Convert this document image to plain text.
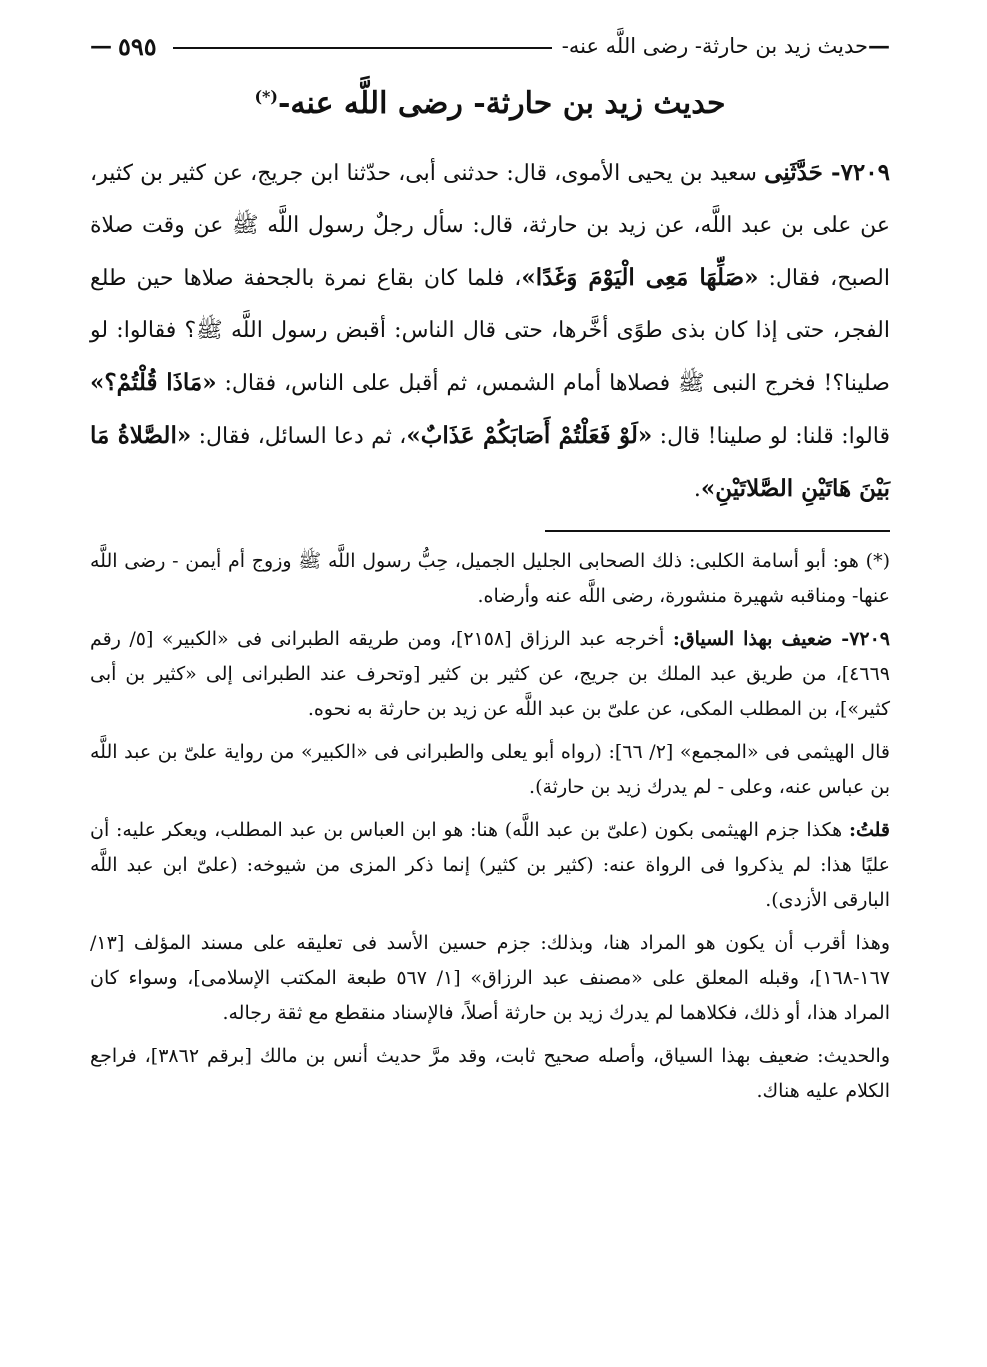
—
حديث زيد بن حارثة- رضى اللَّه عنه-
٥٩٥
—
حديث زيد بن حارثة- رضى اللَّه عنه-(*)
٧٢٠٩- حَدَّثَنِى سعيد بن يحيى الأموى، قال: حدثنى أبى، حدّثنا ابن جريج، عن كثير بن كثير، عن على بن عبد اللَّه، عن زيد بن حارثة، قال: سأل رجلٌ رسول اللَّه ﷺ عن وقت صلاة الصبح، فقال: «صَلِّهَا مَعِى الْيَوْمَ وَغَدًا»، فلما كان بقاع نمرة بالجحفة صلاها حين طلع الفجر، حتى إذا كان بذى طوًى أخَّرها، حتى قال الناس: أقبض رسول اللَّه ﷺ؟ فقالوا: لو صلينا؟! فخرج النبى ﷺ فصلاها أمام الشمس، ثم أقبل على الناس، فقال: «مَاذَا قُلْتُمْ؟» قالوا: قلنا: لو صلينا! قال: «لَوْ فَعَلْتُمْ أَصَابَكُمْ عَذَابٌ»، ثم دعا السائل، فقال: «الصَّلاةُ مَا بَيْنَ هَاتَيْنِ الصَّلاتَيْنِ».

(*) هو: أبو أسامة الكلبى: ذلك الصحابى الجليل الجميل، حِبُّ رسول اللَّه ﷺ وزوج أم أيمن - رضى اللَّه عنها- ومناقبه شهيرة منشورة، رضى اللَّه عنه وأرضاه.

٧٢٠٩- ضعيف بهذا السياق: أخرجه عبد الرزاق [٢١٥٨]، ومن طريقه الطبرانى فى «الكبير» [٥/ رقم ٤٦٦٩]، من طريق عبد الملك بن جريج، عن كثير بن كثير [وتحرف عند الطبرانى إلى «كثير بن أبى كثير»]، بن المطلب المكى، عن علىّ بن عبد اللَّه عن زيد بن حارثة به نحوه.

قال الهيثمى فى «المجمع» [٢/ ٦٦]: (رواه أبو يعلى والطبرانى فى «الكبير» من رواية علىّ بن عبد اللَّه بن عباس عنه، وعلى - لم يدرك زيد بن حارثة).

قلتُ: هكذا جزم الهيثمى بكون (علىّ بن عبد اللَّه) هنا: هو ابن العباس بن عبد المطلب، ويعكر عليه: أن عليًا هذا: لم يذكروا فى الرواة عنه: (كثير بن كثير) إنما ذكر المزى من شيوخه: (علىّ ابن عبد اللَّه البارقى الأزدى).

وهذا أقرب أن يكون هو المراد هنا، وبذلك: جزم حسين الأسد فى تعليقه على مسند المؤلف [١٣/ ١٦٧-١٦٨]، وقبله المعلق على «مصنف عبد الرزاق» [١/ ٥٦٧ طبعة المكتب الإسلامى]، وسواء كان المراد هذا، أو ذلك، فكلاهما لم يدرك زيد بن حارثة أصلاً، فالإسناد منقطع مع ثقة رجاله.

والحديث: ضعيف بهذا السياق، وأصله صحيح ثابت، وقد مرَّ حديث أنس بن مالك [برقم ٣٨٦٢]، فراجع الكلام عليه هناك.
